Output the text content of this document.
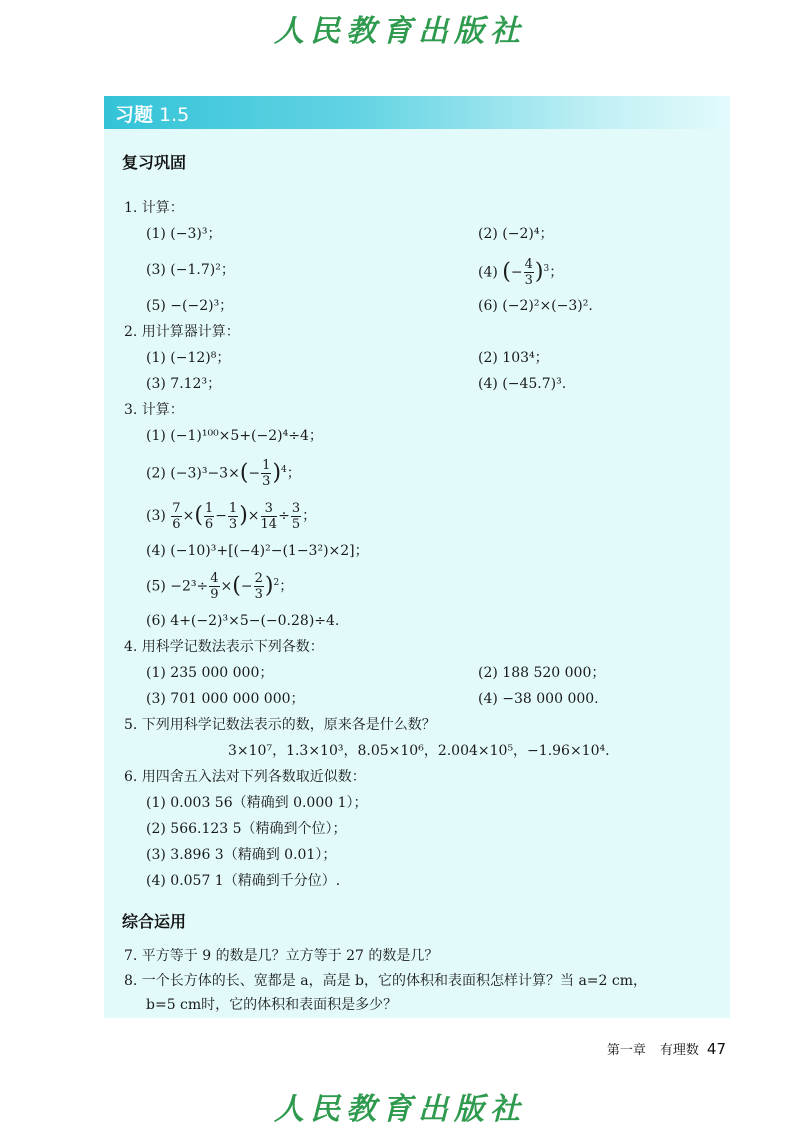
人民教育出版社
习题 1.5
复习巩固
1. 计算：
(1) (−3)³；	(2) (−2)⁴；
(3) (−1.7)²；	(4) (− $\frac{4}{3} )^3$；
(5) −(−2)³；	(6) (−2)²×(−3)².
2. 用计算器计算：
(1) (−12)⁸；	(2) 103⁴；
(3) 7.12³；	(4) (−45.7)³.
3. 计算：
(1) (−1)¹⁰⁰×5+(−2)⁴÷4；
(2) $(-3)^3-3\times(- \frac{1}{3} )^4$；
$(3) \frac{7}{6}$ ×( $\frac{1}{6} - \frac{1}{3}$ )× $\frac{3}{14} \div \frac{3}{5}$ ；
(4) (−10)³+[(−4)²−(1−3²)×2]；
$(5) -2^3\div \frac{4}{9}$ ×(− $\frac{2}{3} )^2$；
(6) 4+(−2)³×5−(−0.28)÷4.
4. 用科学记数法表示下列各数：
(1) 235 000 000；	(2) 188 520 000；
(3) 701 000 000 000；	(4) −38 000 000.
5. 下列用科学记数法表示的数，原来各是什么数？
3×10⁷，1.3×10³，8.05×10⁶，2.004×10⁵，−1.96×10⁴.
6. 用四舍五入法对下列各数取近似数：
(1) 0.003 56（精确到 0.000 1）；
(2) 566.123 5（精确到个位）；
(3) 3.896 3（精确到 0.01）；
(4) 0.057 1（精确到千分位）.
综合运用
7. 平方等于 9 的数是几？立方等于 27 的数是几？
8. 一个长方体的长、宽都是 a，高是 b，它的体积和表面积怎样计算？当 a=2 cm，
b=5 cm时，它的体积和表面积是多少？
第一章 有理数 47
人民教育出版社
